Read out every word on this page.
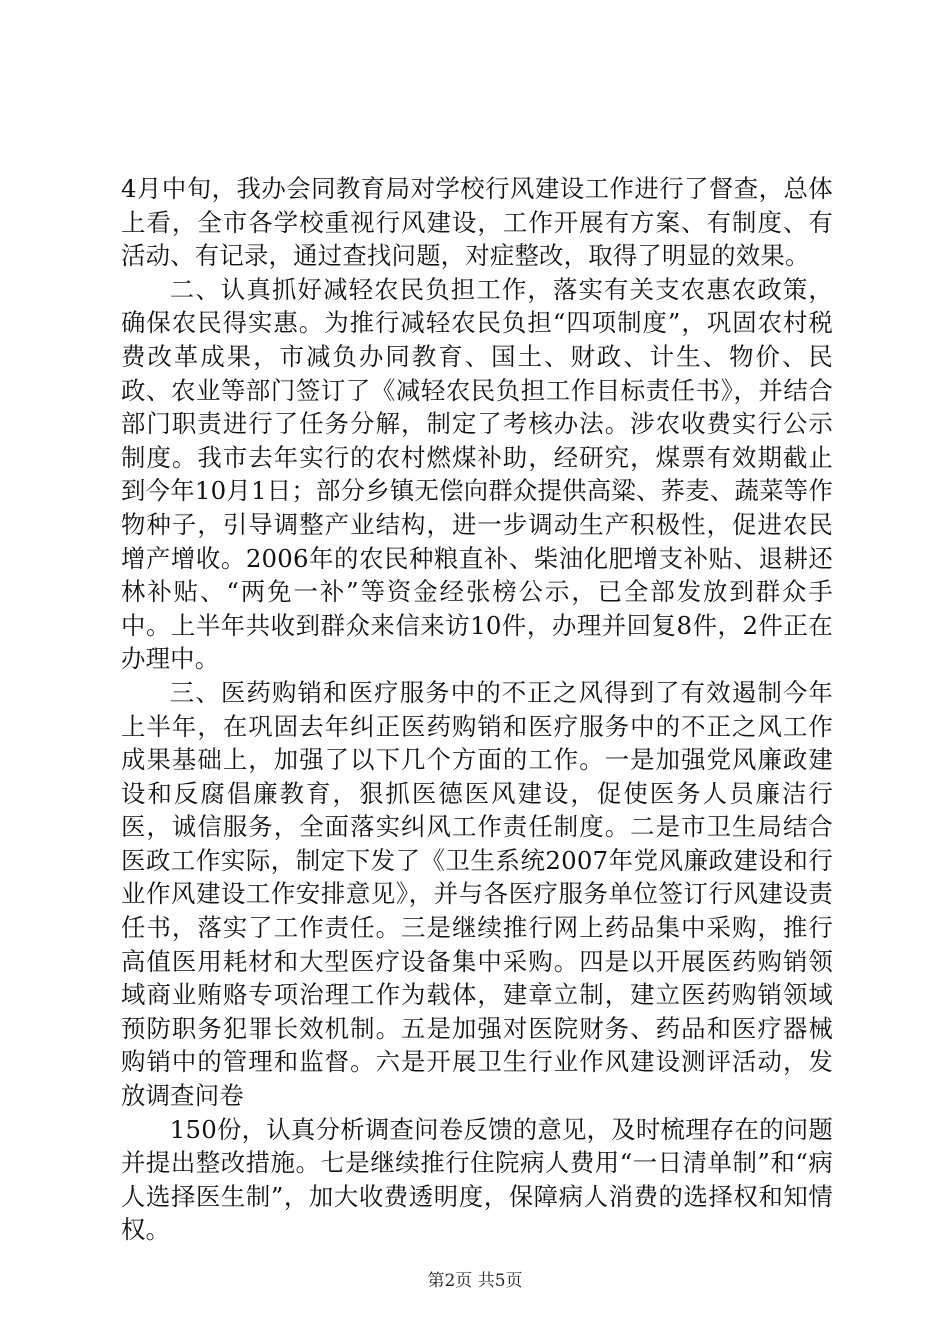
4月中旬，我办会同教育局对学校行风建设工作进行了督查，总体上看，全市各学校重视行风建设，工作开展有方案、有制度、有活动、有记录，通过查找问题，对症整改，取得了明显的效果。

二、认真抓好减轻农民负担工作，落实有关支农惠农政策，确保农民得实惠。为推行减轻农民负担“四项制度”，巩固农村税费改革成果，市减负办同教育、国土、财政、计生、物价、民政、农业等部门签订了《减轻农民负担工作目标责任书》，并结合部门职责进行了任务分解，制定了考核办法。涉农收费实行公示制度。我市去年实行的农村燃煤补助，经研究，煤票有效期截止到今年10月1日；部分乡镇无偿向群众提供高粱、荞麦、蔬菜等作物种子，引导调整产业结构，进一步调动生产积极性，促进农民增产增收。2006年的农民种粮直补、柴油化肥增支补贴、退耕还林补贴、“两免一补”等资金经张榜公示，已全部发放到群众手中。上半年共收到群众来信来访10件，办理并回复8件，2件正在办理中。

三、医药购销和医疗服务中的不正之风得到了有效遏制今年上半年，在巩固去年纠正医药购销和医疗服务中的不正之风工作成果基础上，加强了以下几个方面的工作。一是加强党风廉政建设和反腐倡廉教育，狠抓医德医风建设，促使医务人员廉洁行医，诚信服务，全面落实纠风工作责任制度。二是市卫生局结合医政工作实际，制定下发了《卫生系统2007年党风廉政建设和行业作风建设工作安排意见》，并与各医疗服务单位签订行风建设责任书，落实了工作责任。三是继续推行网上药品集中采购，推行高值医用耗材和大型医疗设备集中采购。四是以开展医药购销领域商业贿赂专项治理工作为载体，建章立制，建立医药购销领域预防职务犯罪长效机制。五是加强对医院财务、药品和医疗器械购销中的管理和监督。六是开展卫生行业作风建设测评活动，发放调查问卷

150份，认真分析调查问卷反馈的意见，及时梳理存在的问题并提出整改措施。七是继续推行住院病人费用“一日清单制”和“病人选择医生制”，加大收费透明度，保障病人消费的选择权和知情权。

第2页 共5页
